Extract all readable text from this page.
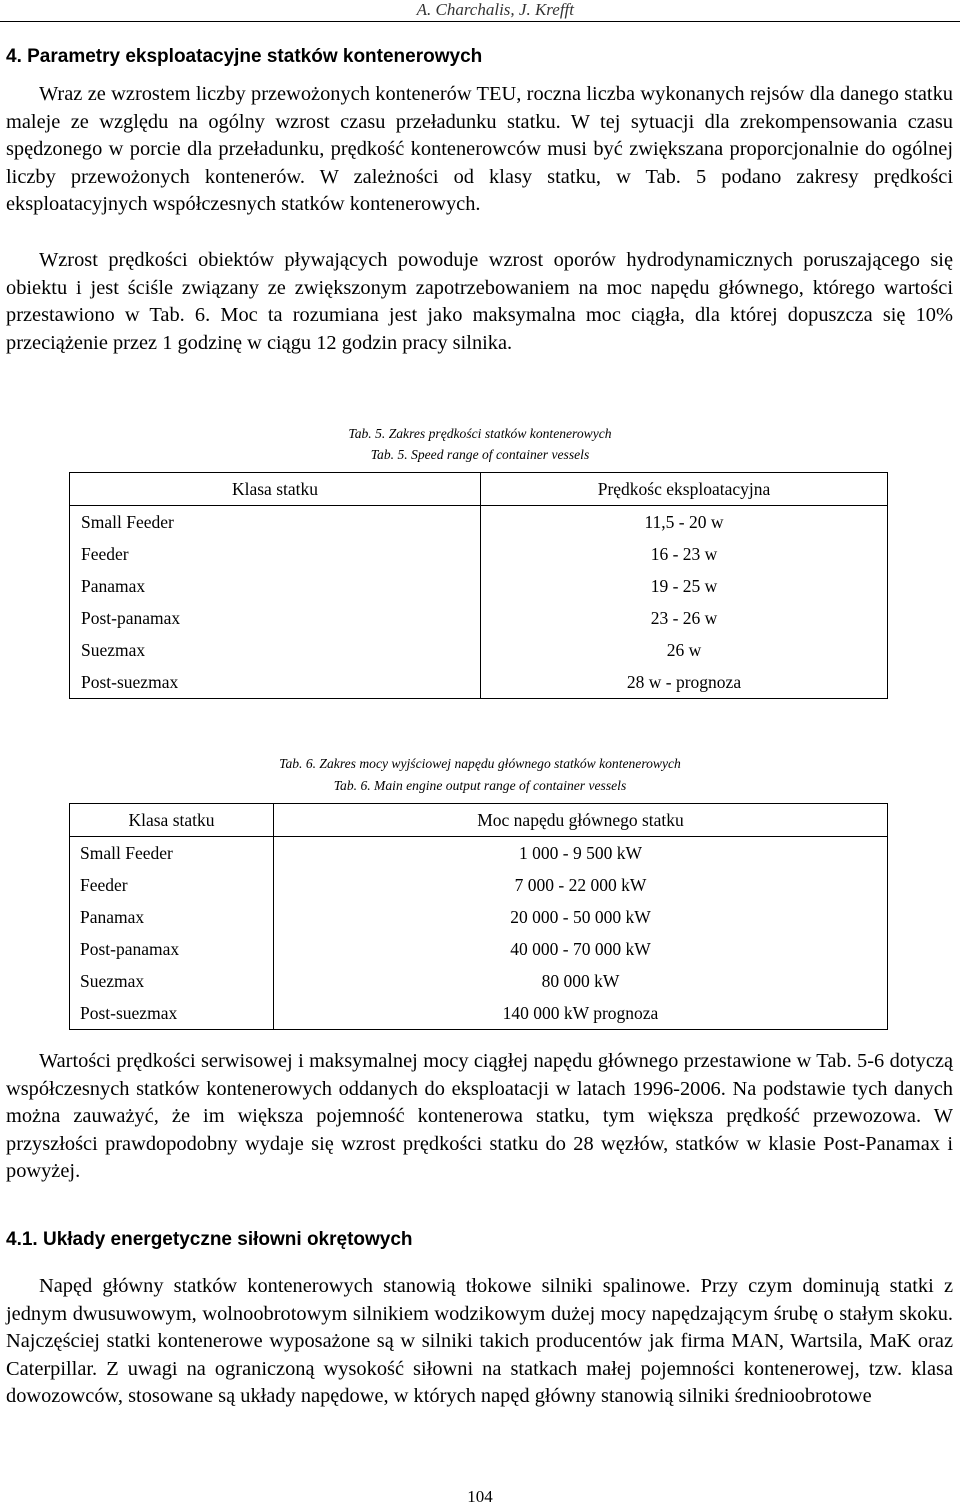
A. Charchalis, J. Krefft
4. Parametry eksploatacyjne statków kontenerowych

Wraz ze wzrostem liczby przewożonych kontenerów TEU, roczna liczba wykonanych rejsów dla danego statku maleje ze względu na ogólny wzrost czasu przeładunku statku. W tej sytuacji dla zrekompensowania czasu spędzonego w porcie dla przeładunku, prędkość kontenerowców musi być zwiększana proporcjonalnie do ogólnej liczby przewożonych kontenerów. W zależności od klasy statku, w Tab. 5 podano zakresy prędkości eksploatacyjnych współczesnych statków kontenerowych.

Wzrost prędkości obiektów pływających powoduje wzrost oporów hydrodynamicznych poruszającego się obiektu i jest ściśle związany ze zwiększonym zapotrzebowaniem na moc napędu głównego, którego wartości przestawiono w Tab. 6. Moc ta rozumiana jest jako maksymalna moc ciągła, dla której dopuszcza się 10% przeciążenie przez 1 godzinę w ciągu 12 godzin pracy silnika.

Tab. 5. Zakres prędkości statków kontenerowych
Tab. 5. Speed range of container vessels
Klasa statku	Prędkośc eksploatacyjna
Small Feeder	11,5 - 20 w
Feeder	16 - 23 w
Panamax	19 - 25 w
Post-panamax	23 - 26 w
Suezmax	26 w
Post-suezmax	28 w - prognoza
Tab. 6. Zakres mocy wyjściowej napędu głównego statków kontenerowych
Tab. 6. Main engine output range of container vessels
Klasa statku	Moc napędu głównego statku
Small Feeder	1 000 - 9 500 kW
Feeder	7 000 - 22 000 kW
Panamax	20 000 - 50 000 kW
Post-panamax	40 000 - 70 000 kW
Suezmax	80 000 kW
Post-suezmax	140 000 kW prognoza

Wartości prędkości serwisowej i maksymalnej mocy ciągłej napędu głównego przestawione w Tab. 5-6 dotyczą współczesnych statków kontenerowych oddanych do eksploatacji w latach 1996-2006. Na podstawie tych danych można zauważyć, że im większa pojemność kontenerowa statku, tym większa prędkość przewozowa. W przyszłości prawdopodobny wydaje się wzrost prędkości statku do 28 węzłów, statków w klasie Post-Panamax i powyżej.

4.1. Układy energetyczne siłowni okrętowych

Napęd główny statków kontenerowych stanowią tłokowe silniki spalinowe. Przy czym dominują statki z jednym dwusuwowym, wolnoobrotowym silnikiem wodzikowym dużej mocy napędzającym śrubę o stałym skoku. Najczęściej statki kontenerowe wyposażone są w silniki takich producentów jak firma MAN, Wartsila, MaK oraz Caterpillar. Z uwagi na ograniczoną wysokość siłowni na statkach małej pojemności kontenerowej, tzw. klasa dowozowców, stosowane są układy napędowe, w których napęd główny stanowią silniki średnioobrotowe

104
